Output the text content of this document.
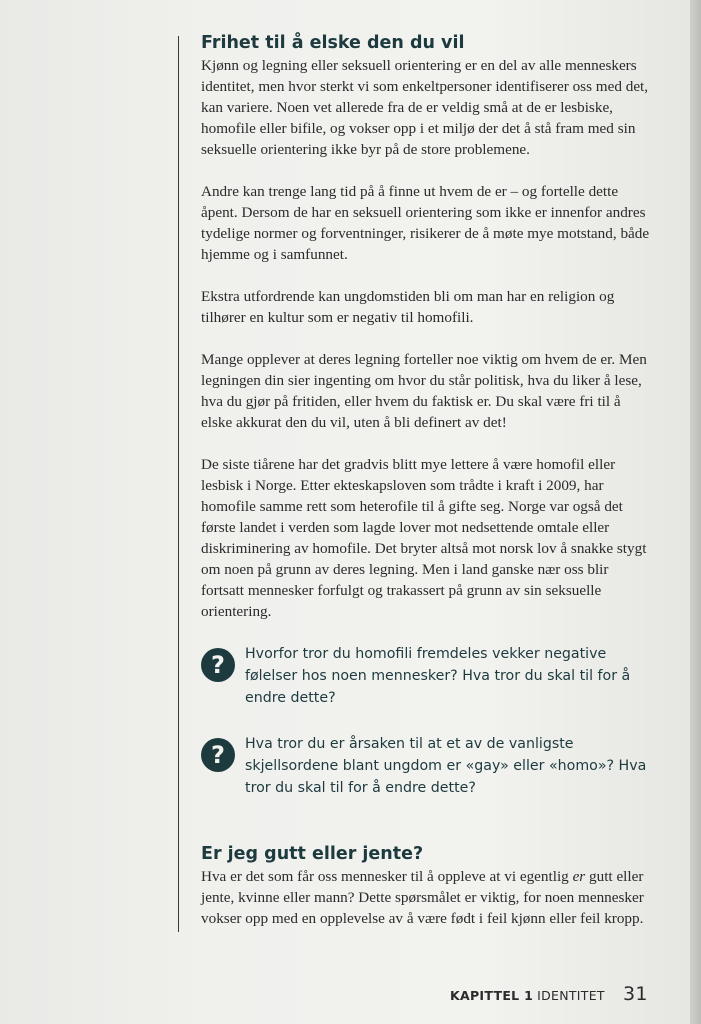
Frihet til å elske den du vil

Kjønn og legning eller seksuell orientering er en del av alle menneskers identitet, men hvor sterkt vi som enkeltpersoner identifiserer oss med det, kan variere. Noen vet allerede fra de er veldig små at de er lesbiske, homofile eller bifile, og vokser opp i et miljø der det å stå fram med sin seksuelle orientering ikke byr på de store problemene.

Andre kan trenge lang tid på å finne ut hvem de er – og fortelle dette åpent. Dersom de har en seksuell orientering som ikke er innenfor andres tydelige normer og forventninger, risikerer de å møte mye motstand, både hjemme og i samfunnet.

Ekstra utfordrende kan ungdomstiden bli om man har en religion og tilhører en kultur som er negativ til homofili.

Mange opplever at deres legning forteller noe viktig om hvem de er. Men legningen din sier ingenting om hvor du står politisk, hva du liker å lese, hva du gjør på fritiden, eller hvem du faktisk er. Du skal være fri til å elske akkurat den du vil, uten å bli definert av det!

De siste tiårene har det gradvis blitt mye lettere å være homofil eller lesbisk i Norge. Etter ekteskapsloven som trådte i kraft i 2009, har homofile samme rett som heterofile til å gifte seg. Norge var også det første landet i verden som lagde lover mot nedsettende omtale eller diskriminering av homofile. Det bryter altså mot norsk lov å snakke stygt om noen på grunn av deres legning. Men i land ganske nær oss blir fortsatt mennesker forfulgt og trakassert på grunn av sin seksuelle orientering.

?	Hvorfor tror du homofili fremdeles vekker negative følelser hos noen mennesker? Hva tror du skal til for å endre dette?
?	Hva tror du er årsaken til at et av de vanligste skjellsordene blant ungdom er «gay» eller «homo»? Hva tror du skal til for å endre dette?
Er jeg gutt eller jente?

Hva er det som får oss mennesker til å oppleve at vi egentlig er gutt eller jente, kvinne eller mann? Dette spørsmålet er viktig, for noen mennesker vokser opp med en opplevelse av å være født i feil kjønn eller feil kropp.

KAPITTEL 1 IDENTITET 31
